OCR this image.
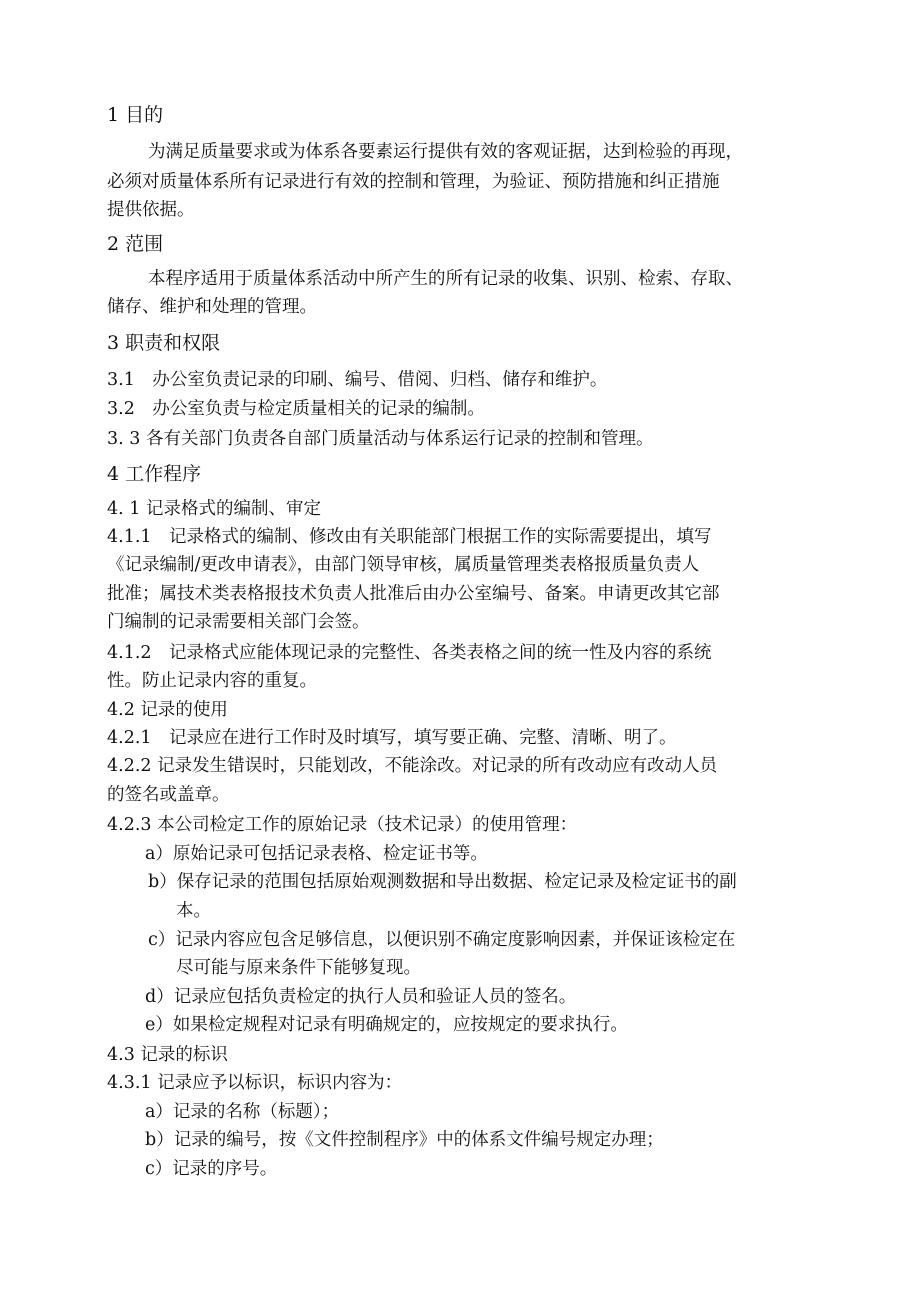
1 目的
为满足质量要求或为体系各要素运行提供有效的客观证据，达到检验的再现，
必须对质量体系所有记录进行有效的控制和管理，为验证、预防措施和纠正措施
提供依据。
2 范围
本程序适用于质量体系活动中所产生的所有记录的收集、识别、检索、存取、
储存、维护和处理的管理。
3 职责和权限
3.1　办公室负责记录的印刷、编号、借阅、归档、储存和维护。
3.2　办公室负责与检定质量相关的记录的编制。
3. 3 各有关部门负责各自部门质量活动与体系运行记录的控制和管理。
4 工作程序
4. 1 记录格式的编制、审定
4.1.1　记录格式的编制、修改由有关职能部门根据工作的实际需要提出，填写
《记录编制/更改申请表》，由部门领导审核，属质量管理类表格报质量负责人
批准；属技术类表格报技术负责人批准后由办公室编号、备案。申请更改其它部
门编制的记录需要相关部门会签。
4.1.2　记录格式应能体现记录的完整性、各类表格之间的统一性及内容的系统
性。防止记录内容的重复。
4.2 记录的使用
4.2.1　记录应在进行工作时及时填写，填写要正确、完整、清晰、明了。
4.2.2 记录发生错误时，只能划改，不能涂改。对记录的所有改动应有改动人员
的签名或盖章。
4.2.3 本公司检定工作的原始记录（技术记录）的使用管理：
a）原始记录可包括记录表格、检定证书等。
b）保存记录的范围包括原始观测数据和导出数据、检定记录及检定证书的副
本。
c）记录内容应包含足够信息，以便识别不确定度影响因素，并保证该检定在
尽可能与原来条件下能够复现。
d）记录应包括负责检定的执行人员和验证人员的签名。
e）如果检定规程对记录有明确规定的，应按规定的要求执行。
4.3 记录的标识
4.3.1 记录应予以标识，标识内容为：
a）记录的名称（标题）；
b）记录的编号，按《文件控制程序》中的体系文件编号规定办理；
c）记录的序号。
